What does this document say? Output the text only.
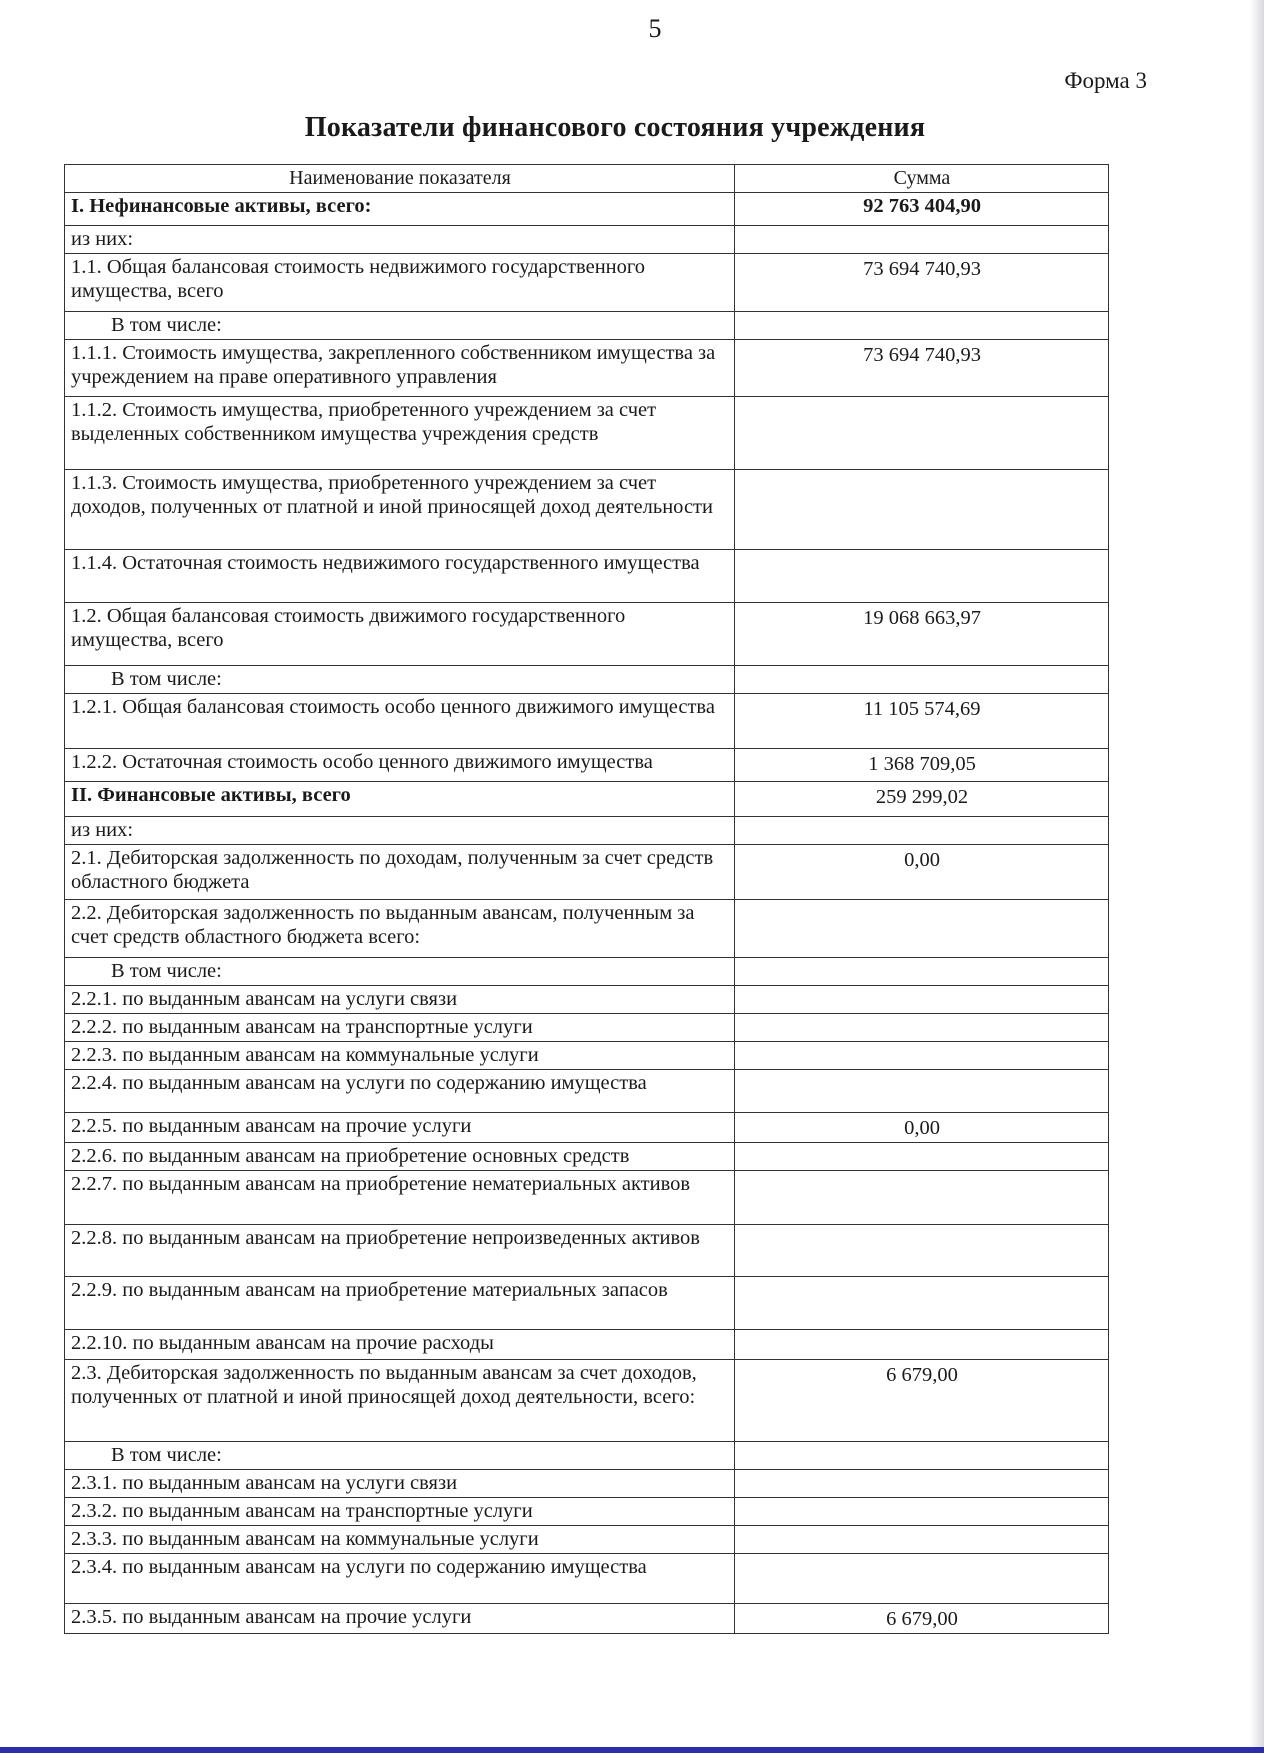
5
Форма 3
Показатели финансового состояния учреждения
Наименование показателя	Сумма
I. Нефинансовые активы, всего:	92 763 404,90
из них:	
1.1. Общая балансовая стоимость недвижимого государственного имущества, всего	73 694 740,93
В том числе:	
1.1.1. Стоимость имущества, закрепленного собственником имущества за учреждением на праве оперативного управления	73 694 740,93
1.1.2. Стоимость имущества, приобретенного учреждением за счет выделенных собственником имущества учреждения средств	
1.1.3. Стоимость имущества, приобретенного учреждением за счет доходов, полученных от платной и иной приносящей доход деятельности	
1.1.4. Остаточная стоимость недвижимого государственного имущества	
1.2. Общая балансовая стоимость движимого государственного имущества, всего	19 068 663,97
В том числе:	
1.2.1. Общая балансовая стоимость особо ценного движимого имущества	11 105 574,69
1.2.2. Остаточная стоимость особо ценного движимого имущества	1 368 709,05
II. Финансовые активы, всего	259 299,02
из них:	
2.1. Дебиторская задолженность по доходам, полученным за счет средств областного бюджета	0,00
2.2. Дебиторская задолженность по выданным авансам, полученным за счет средств областного бюджета всего:	
В том числе:	
2.2.1. по выданным авансам на услуги связи	
2.2.2. по выданным авансам на транспортные услуги	
2.2.3. по выданным авансам на коммунальные услуги	
2.2.4. по выданным авансам на услуги по содержанию имущества	
2.2.5. по выданным авансам на прочие услуги	0,00
2.2.6. по выданным авансам на приобретение основных средств	
2.2.7. по выданным авансам на приобретение нематериальных активов	
2.2.8. по выданным авансам на приобретение непроизведенных активов	
2.2.9. по выданным авансам на приобретение материальных запасов	
2.2.10. по выданным авансам на прочие расходы	
2.3. Дебиторская задолженность по выданным авансам за счет доходов, полученных от платной и иной приносящей доход деятельности, всего:	6 679,00
В том числе:	
2.3.1. по выданным авансам на услуги связи	
2.3.2. по выданным авансам на транспортные услуги	
2.3.3. по выданным авансам на коммунальные услуги	
2.3.4. по выданным авансам на услуги по содержанию имущества	
2.3.5. по выданным авансам на прочие услуги	6 679,00
